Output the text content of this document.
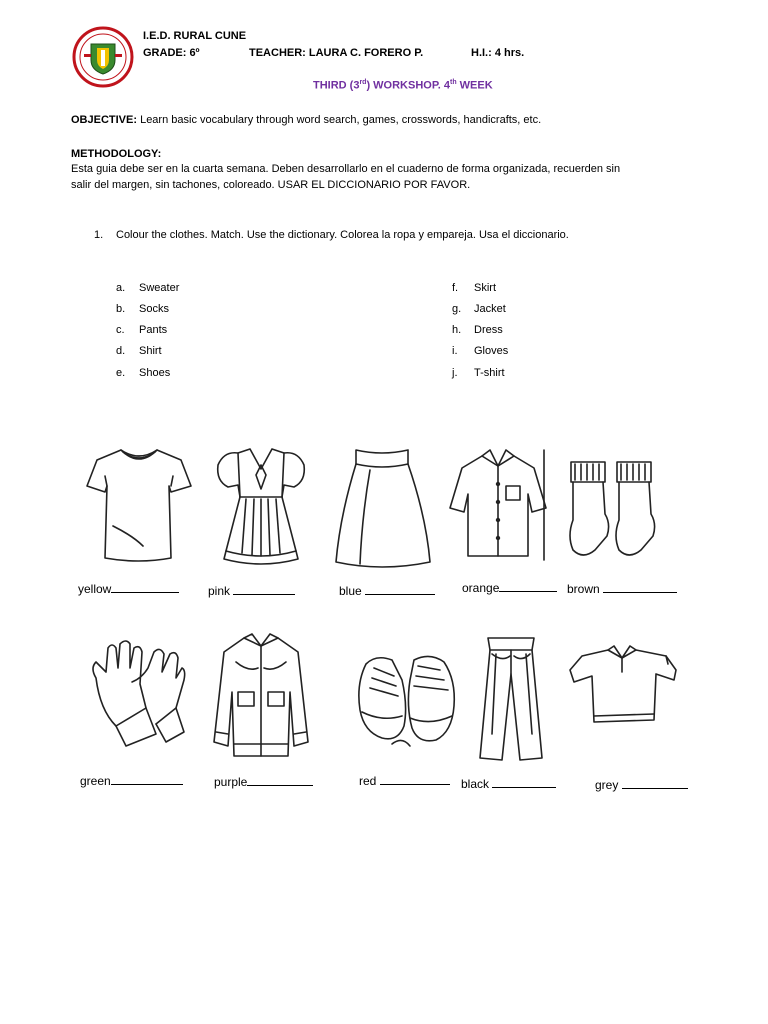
I.E.D. RURAL CUNE
GRADE: 6º	TEACHER: LAURA C. FORERO P.	H.I.: 4 hrs.
THIRD (3rd) WORKSHOP. 4th WEEK
OBJECTIVE: Learn basic vocabulary through word search, games, crosswords, handicrafts, etc.
METHODOLOGY:
Esta guia debe ser en la cuarta semana. Deben desarrollarlo en el cuaderno de forma organizada, recuerden sin
salir del margen, sin tachones, coloreado. USAR EL DICCIONARIO POR FAVOR.
1. Colour the clothes. Match. Use the dictionary. Colorea la ropa y empareja. Usa el diccionario.
a. Sweater
b. Socks
c. Pants
d. Shirt
e. Shoes
f. Skirt
g. Jacket
h. Dress
i. Gloves
j. T-shirt
yellow	pink	blue	orange	brown
green	purple	red	black	grey
